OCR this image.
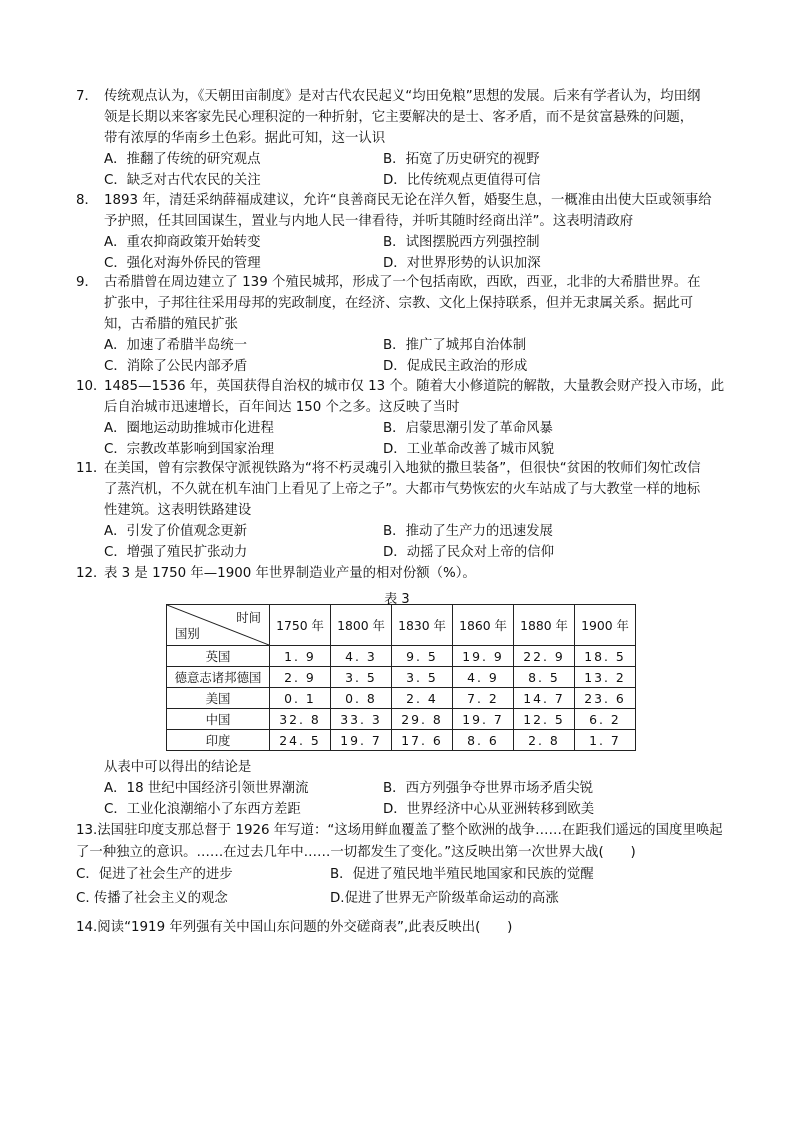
7． 传统观点认为，《天朝田亩制度》是对古代农民起义“均田免粮”思想的发展。后来有学者认为，均田纲
领是长期以来客家先民心理积淀的一种折射，它主要解决的是士、客矛盾，而不是贫富悬殊的问题，
带有浓厚的华南乡土色彩。据此可知，这一认识
A．推翻了传统的研究观点	B．拓宽了历史研究的视野
C．缺乏对古代农民的关注	D．比传统观点更值得可信
8． 1893 年，清廷采纳薛福成建议，允许“良善商民无论在洋久暂，婚娶生息，一概准由出使大臣或领事给
予护照，任其回国谋生，置业与内地人民一律看待，并听其随时经商出洋”。这表明清政府
A．重农抑商政策开始转变	B．试图摆脱西方列强控制
C．强化对海外侨民的管理	D．对世界形势的认识加深
9． 古希腊曾在周边建立了 139 个殖民城邦，形成了一个包括南欧，西欧，西亚，北非的大希腊世界。在
扩张中，子邦往往采用母邦的宪政制度，在经济、宗教、文化上保持联系，但并无隶属关系。据此可
知，古希腊的殖民扩张
A．加速了希腊半岛统一	B．推广了城邦自治体制
C．消除了公民内部矛盾	D．促成民主政治的形成
10．1485—1536 年，英国获得自治权的城市仅 13 个。随着大小修道院的解散，大量教会财产投入市场，此
后自治城市迅速增长，百年间达 150 个之多。这反映了当时
A．圈地运动助推城市化进程	B．启蒙思潮引发了革命风暴
C．宗教改革影响到国家治理	D．工业革命改善了城市风貌
11．在美国，曾有宗教保守派视铁路为“将不朽灵魂引入地狱的撒旦装备”，但很快“贫困的牧师们匆忙改信
了蒸汽机，不久就在机车油门上看见了上帝之子”。大都市气势恢宏的火车站成了与大教堂一样的地标
性建筑。这表明铁路建设
A．引发了价值观念更新	B．推动了生产力的迅速发展
C．增强了殖民扩张动力	D．动摇了民众对上帝的信仰
12．表 3 是 1750 年—1900 年世界制造业产量的相对份额（%）。
表 3
时间
国别	1750 年	1800 年	1830 年	1860 年	1880 年	1900 年
英国	1. 9	4. 3	9. 5	19. 9	22. 9	18. 5
德意志诸邦德国	2. 9	3. 5	3. 5	4. 9	8. 5	13. 2
美国	0. 1	0. 8	2. 4	7. 2	14. 7	23. 6
中国	32. 8	33. 3	29. 8	19. 7	12. 5	6. 2
印度	24. 5	19. 7	17. 6	8. 6	2. 8	1. 7
从表中可以得出的结论是
A．18 世纪中国经济引领世界潮流	B．西方列强争夺世界市场矛盾尖锐
C．工业化浪潮缩小了东西方差距	D．世界经济中心从亚洲转移到欧美
13.法国驻印度支那总督于 1926 年写道：“这场用鲜血覆盖了整个欧洲的战争……在距我们遥远的国度里唤起
了一种独立的意识。……在过去几年中……一切都发生了变化。”这反映出第一次世界大战(　　)
C．促进了社会生产的进步	B．促进了殖民地半殖民地国家和民族的觉醒
C. 传播了社会主义的观念	D.促进了世界无产阶级革命运动的高涨
14.阅读“1919 年列强有关中国山东问题的外交磋商表”,此表反映出(　　)
